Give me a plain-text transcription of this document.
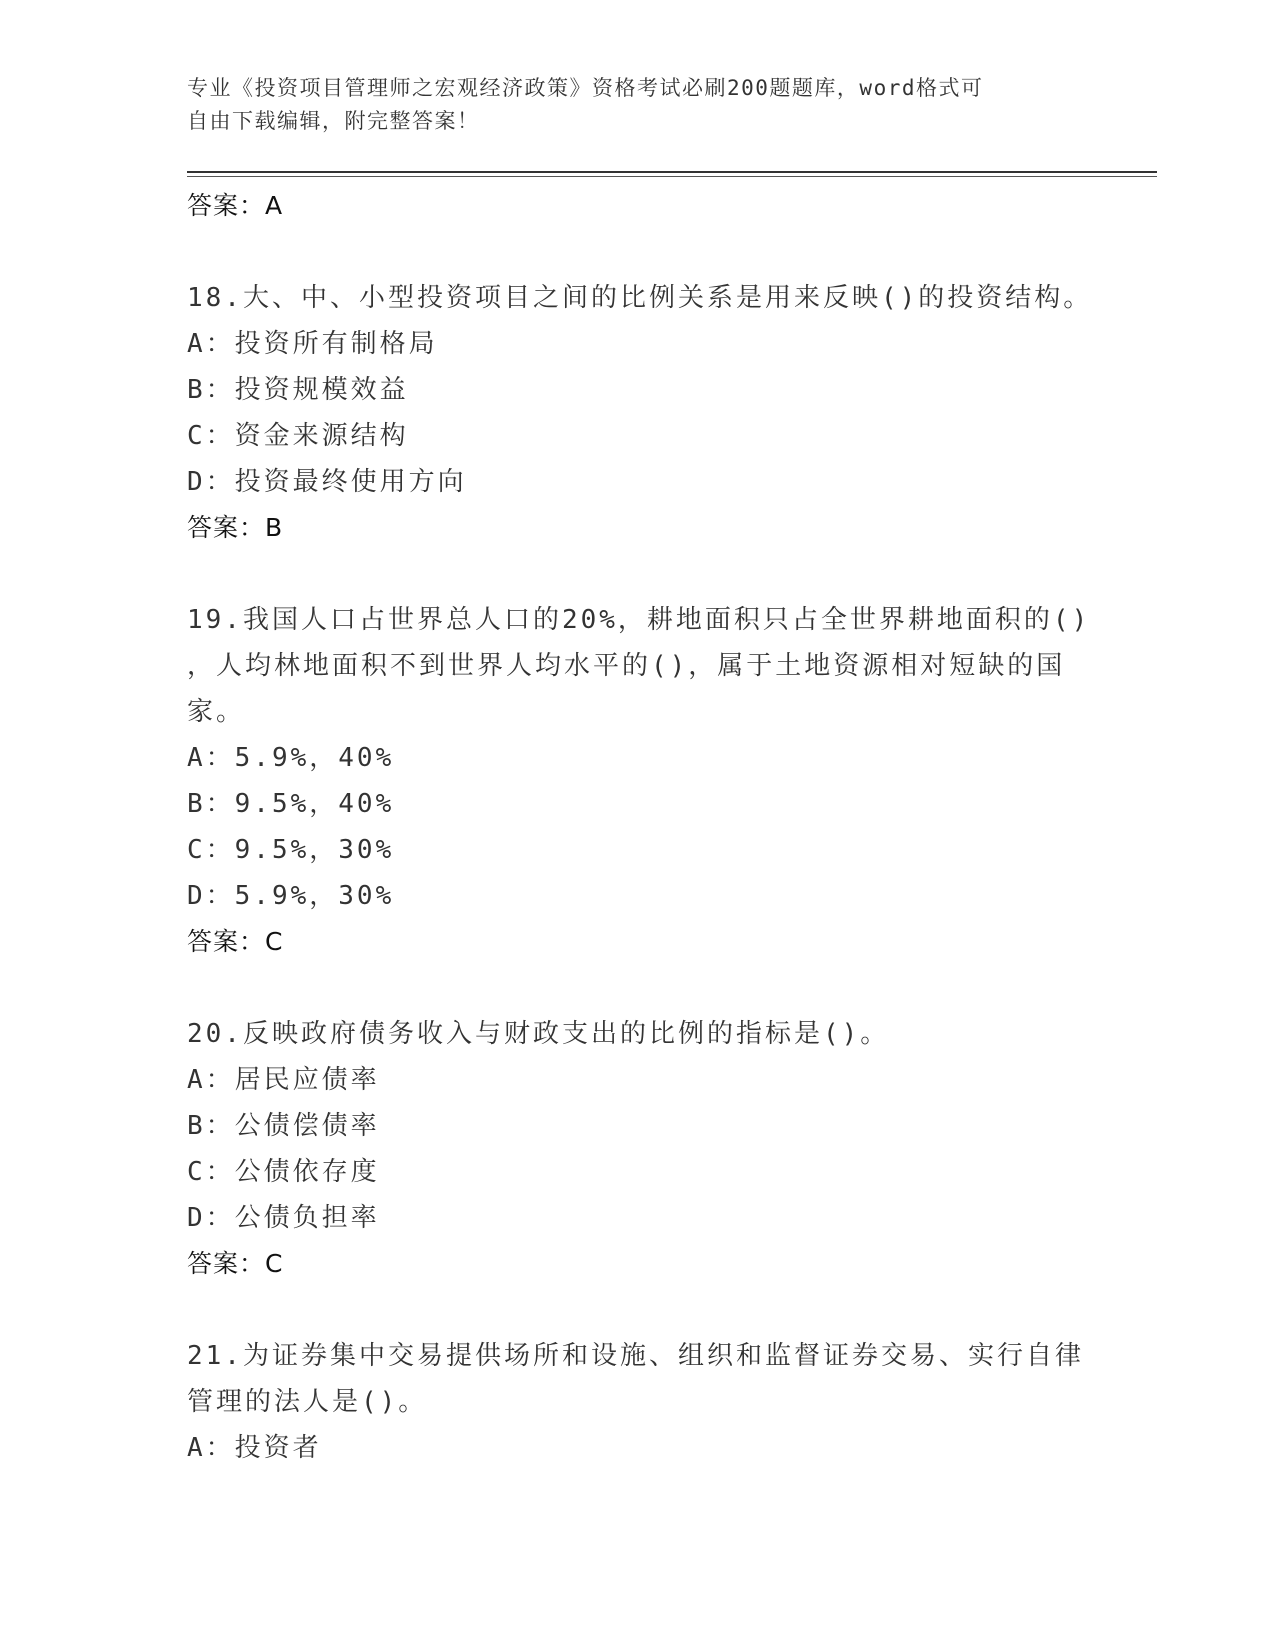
专业《投资项目管理师之宏观经济政策》资格考试必刷200题题库，word格式可
自由下载编辑，附完整答案！
答案：A
18.大、中、小型投资项目之间的比例关系是用来反映()的投资结构。
A：投资所有制格局
B：投资规模效益
C：资金来源结构
D：投资最终使用方向
答案：B
19.我国人口占世界总人口的20%，耕地面积只占全世界耕地面积的()
，人均林地面积不到世界人均水平的()，属于土地资源相对短缺的国
家。
A：5.9%，40%
B：9.5%，40%
C：9.5%，30%
D：5.9%，30%
答案：C
20.反映政府债务收入与财政支出的比例的指标是()。
A：居民应债率
B：公债偿债率
C：公债依存度
D：公债负担率
答案：C
21.为证券集中交易提供场所和设施、组织和监督证券交易、实行自律
管理的法人是()。
A：投资者
